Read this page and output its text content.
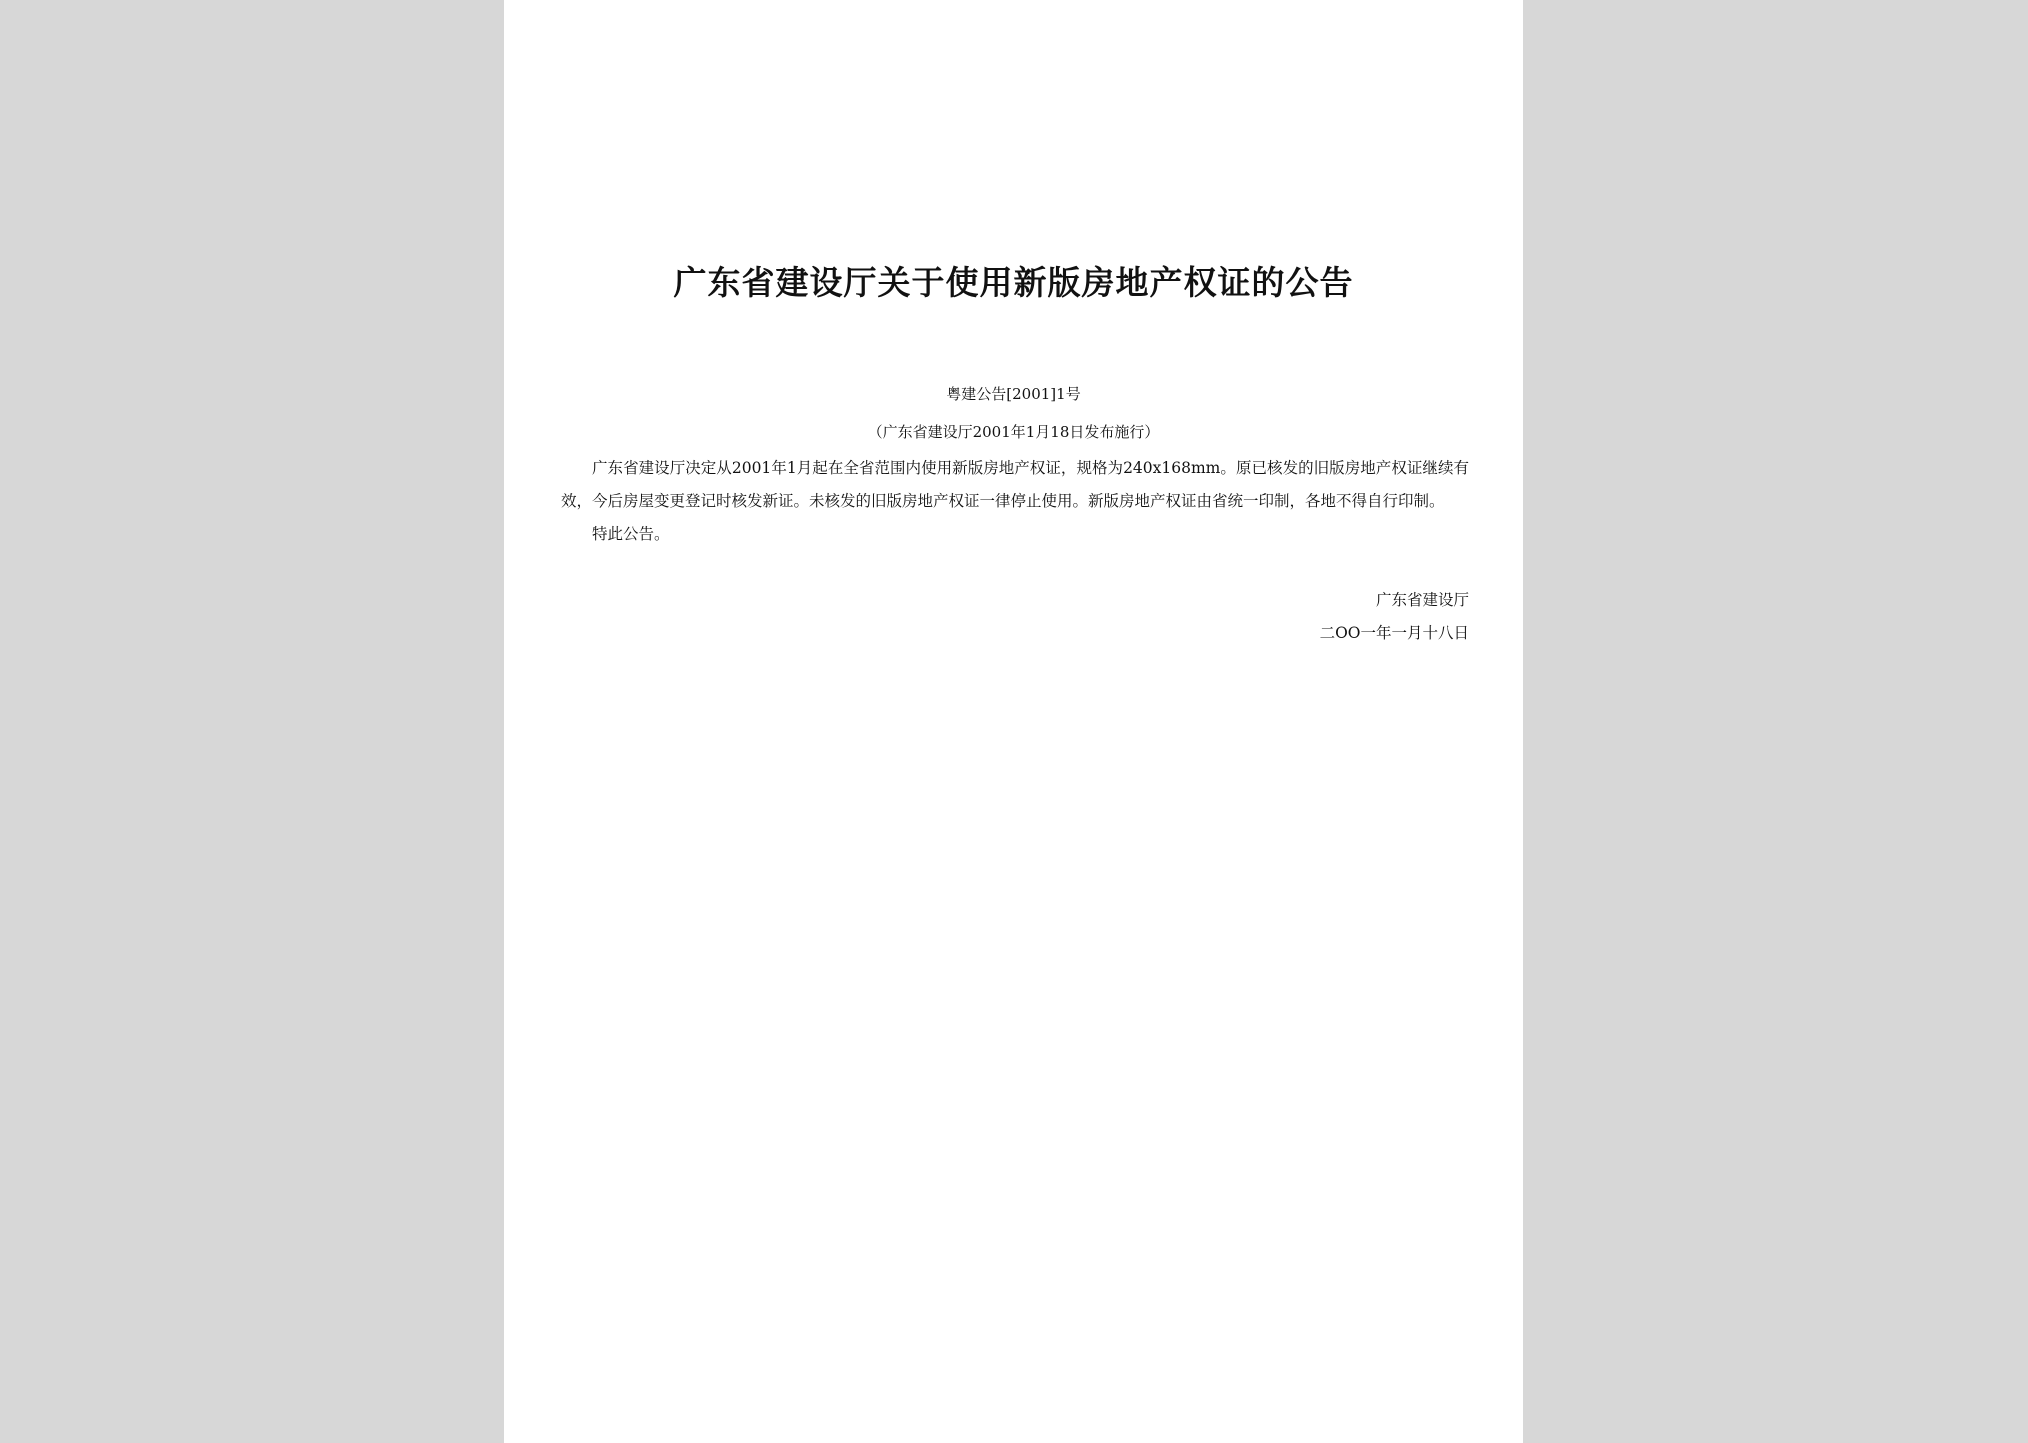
广东省建设厅关于使用新版房地产权证的公告
粤建公告[2001]1号
（广东省建设厅2001年1月18日发布施行）

广东省建设厅决定从2001年1月起在全省范围内使用新版房地产权证，规格为240x168mm。原已核发的旧版房地产权证继续有效，今后房屋变更登记时核发新证。未核发的旧版房地产权证一律停止使用。新版房地产权证由省统一印制，各地不得自行印制。

特此公告。

广东省建设厅
二OO一年一月十八日
